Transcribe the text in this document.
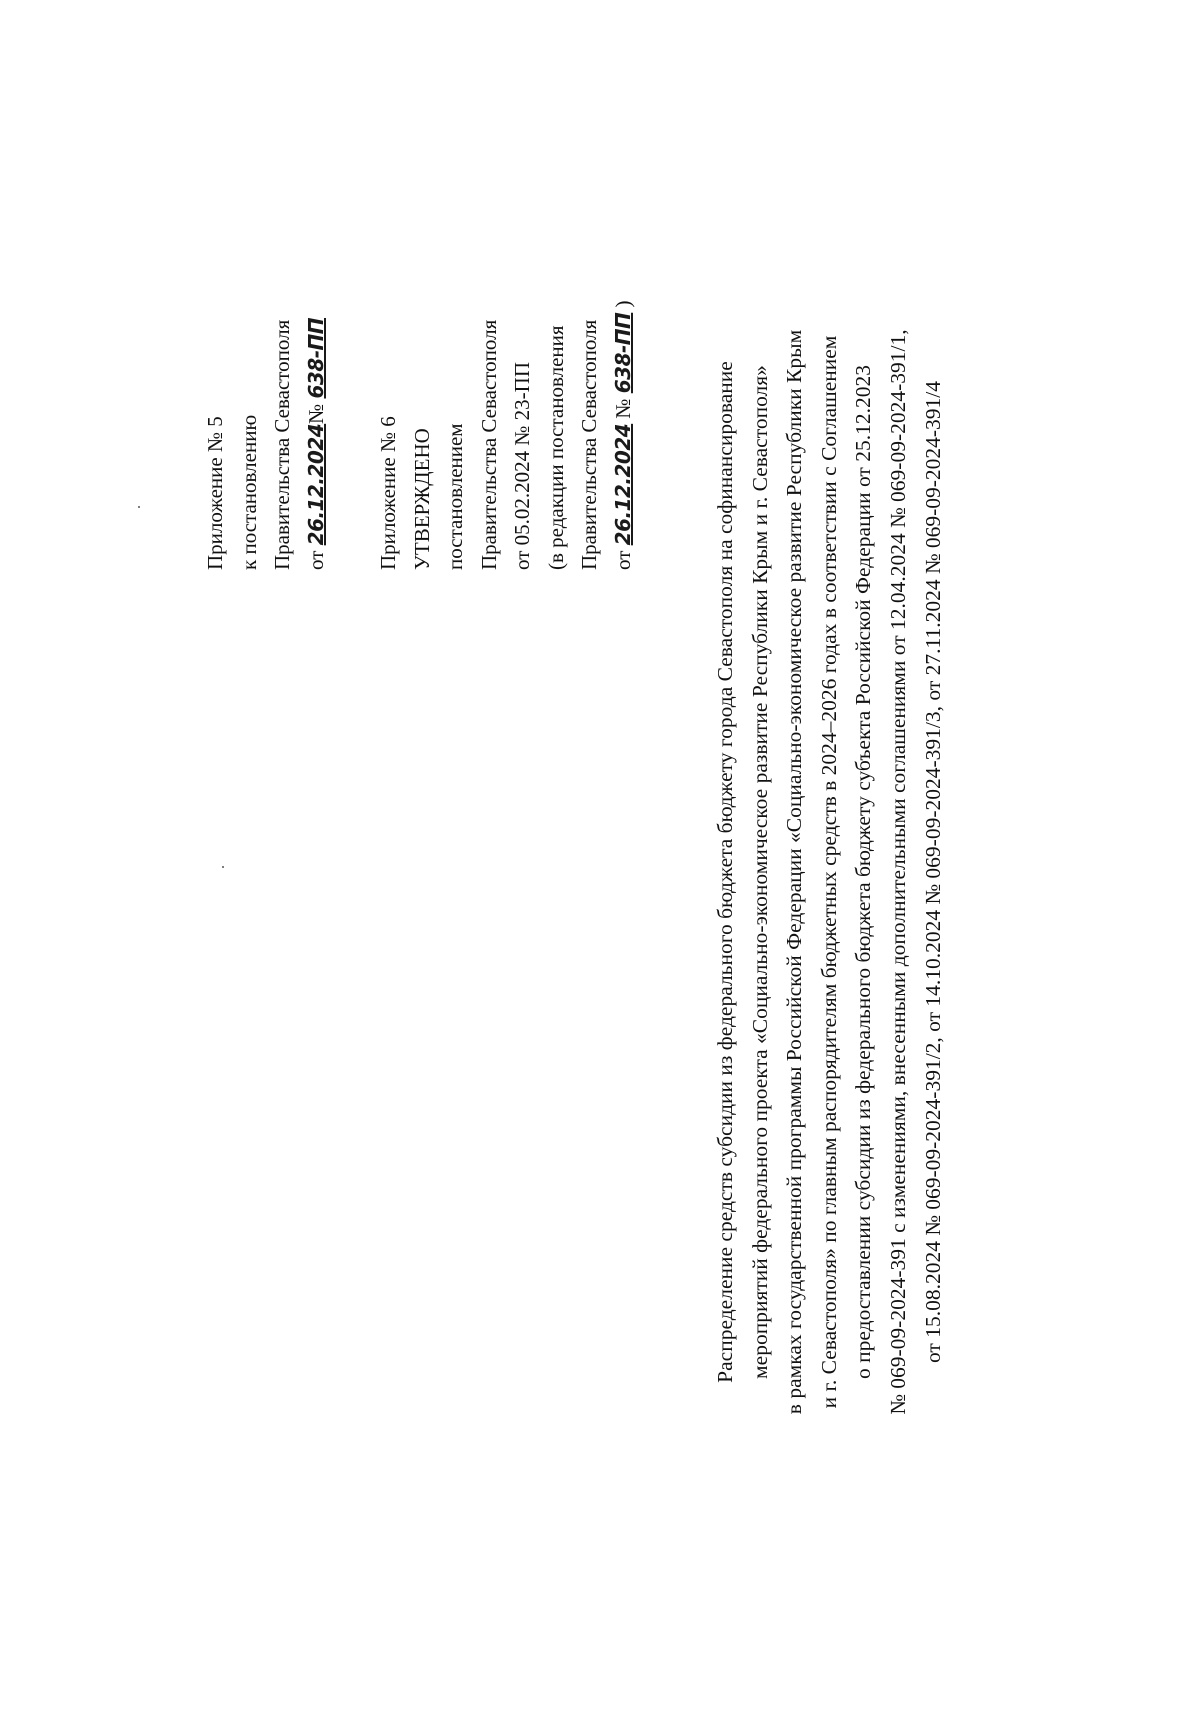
Приложение № 5 к постановлению Правительства Севастополя от 26.12.2024№ 638-ПП
Приложение № 6 УТВЕРЖДЕНО постановлением Правительства Севастополя от 05.02.2024 № 23-ПП (в редакции постановления Правительства Севастополя от 26.12.2024 № 638-ПП )
Распределение средств субсидии из федерального бюджета бюджету города Севастополя на софинансирование мероприятий федерального проекта «Социально-экономическое развитие Республики Крым и г. Севастополя» в рамках государственной программы Российской Федерации «Социально-экономическое развитие Республики Крым и г. Севастополя» по главным распорядителям бюджетных средств в 2024–2026 годах в соответствии с Соглашением о предоставлении субсидии из федерального бюджета бюджету субъекта Российской Федерации от 25.12.2023 № 069-09-2024-391 с изменениями, внесенными дополнительными соглашениями от 12.04.2024 № 069-09-2024-391/1, от 15.08.2024 № 069-09-2024-391/2, от 14.10.2024 № 069-09-2024-391/3, от 27.11.2024 № 069-09-2024-391/4
